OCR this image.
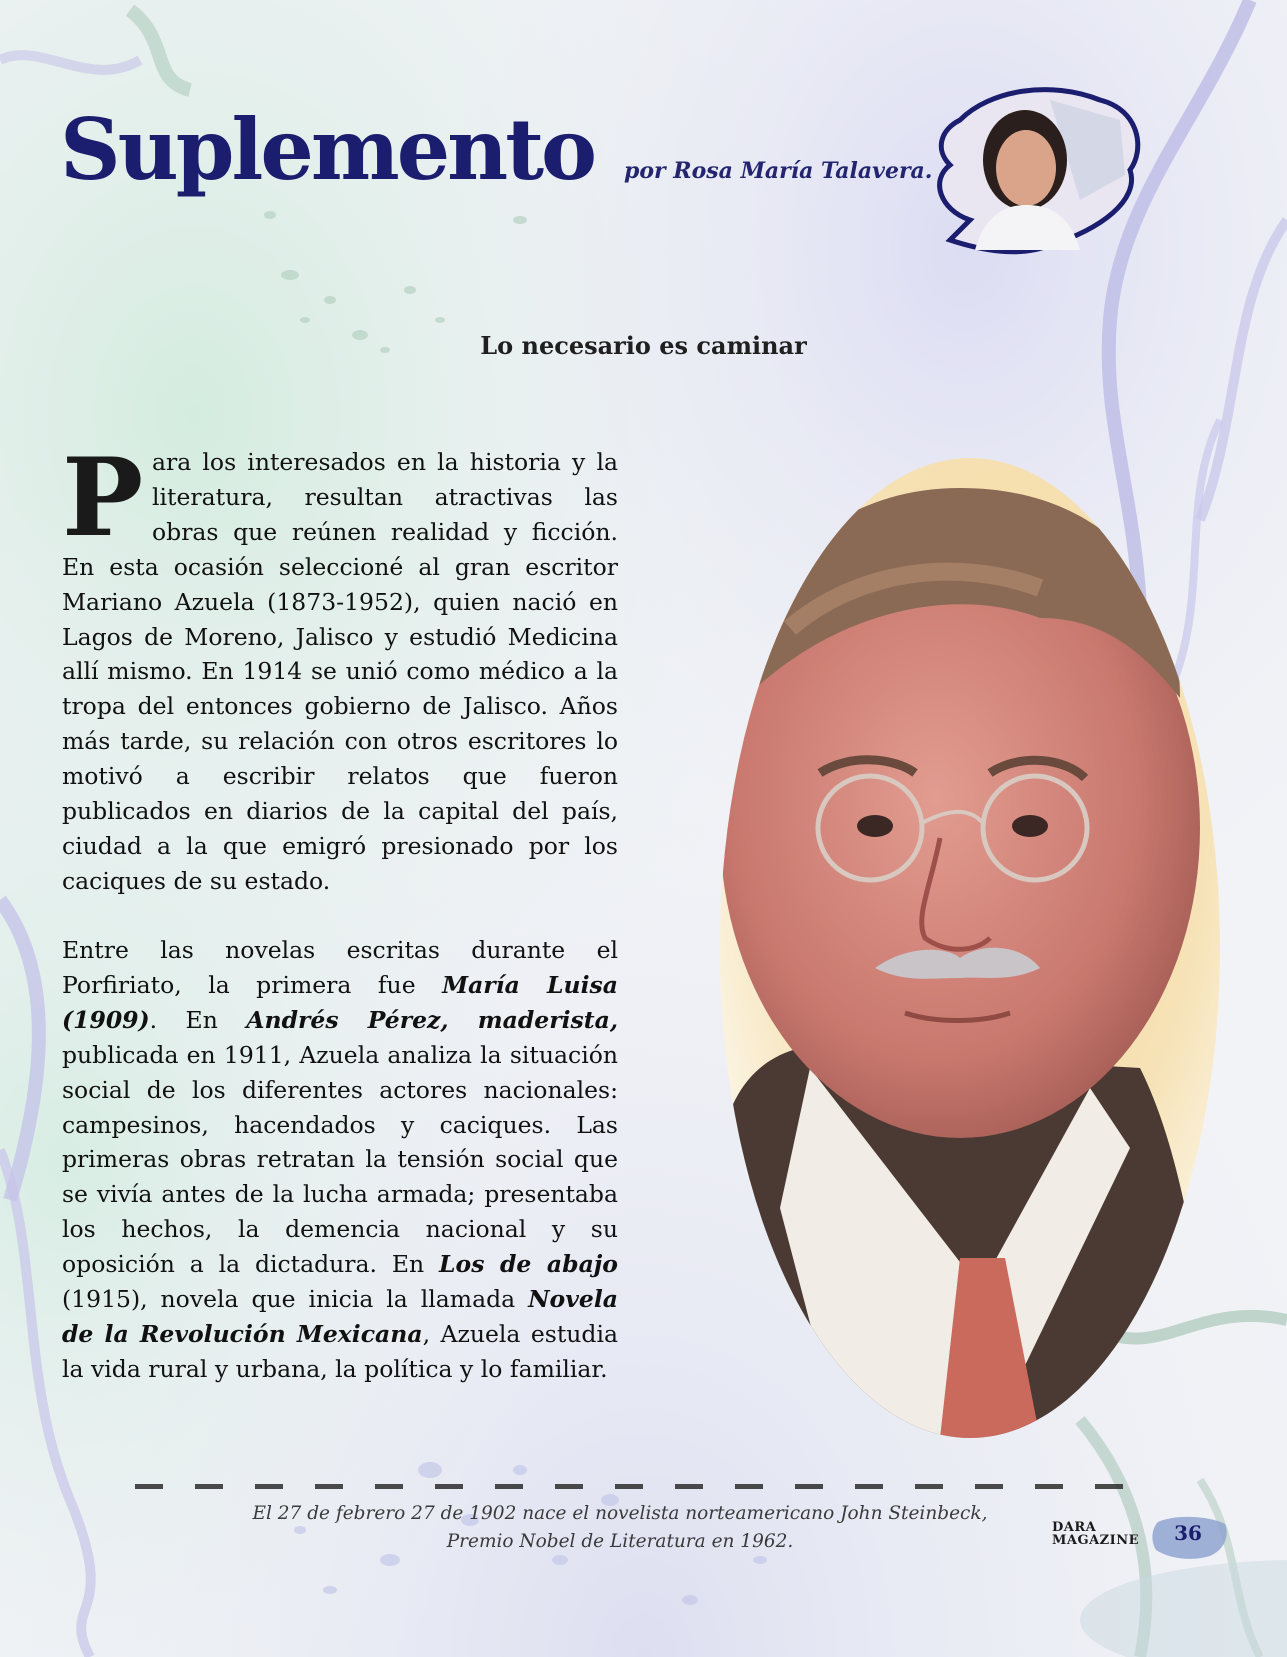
Suplemento por Rosa María Talavera.
Lo necesario es caminar

P ara los interesados en la historia y la literatura, resultan atractivas las obras que reúnen realidad y ficción. En esta ocasión seleccioné al gran escritor Mariano Azuela (1873-1952), quien nació en Lagos de Moreno, Jalisco y estudió Medicina allí mismo. En 1914 se unió como médico a la tropa del entonces gobierno de Jalisco. Años más tarde, su relación con otros escritores lo motivó a escribir relatos que fueron publicados en diarios de la capital del país, ciudad a la que emigró presionado por los caciques de su estado.

Entre las novelas escritas durante el Porfiriato, la primera fue María Luisa (1909). En Andrés Pérez, maderista, publicada en 1911, Azuela analiza la situación social de los diferentes actores nacionales: campesinos, hacendados y caciques. Las primeras obras retratan la tensión social que se vivía antes de la lucha armada; presentaba los hechos, la demencia nacional y su oposición a la dictadura. En Los de abajo (1915), novela que inicia la llamada Novela de la Revolución Mexicana, Azuela estudia la vida rural y urbana, la política y lo familiar.

El 27 de febrero 27 de 1902 nace el novelista norteamericano John Steinbeck,
Premio Nobel de Literatura en 1962.
DARA
MAGAZINE	36
